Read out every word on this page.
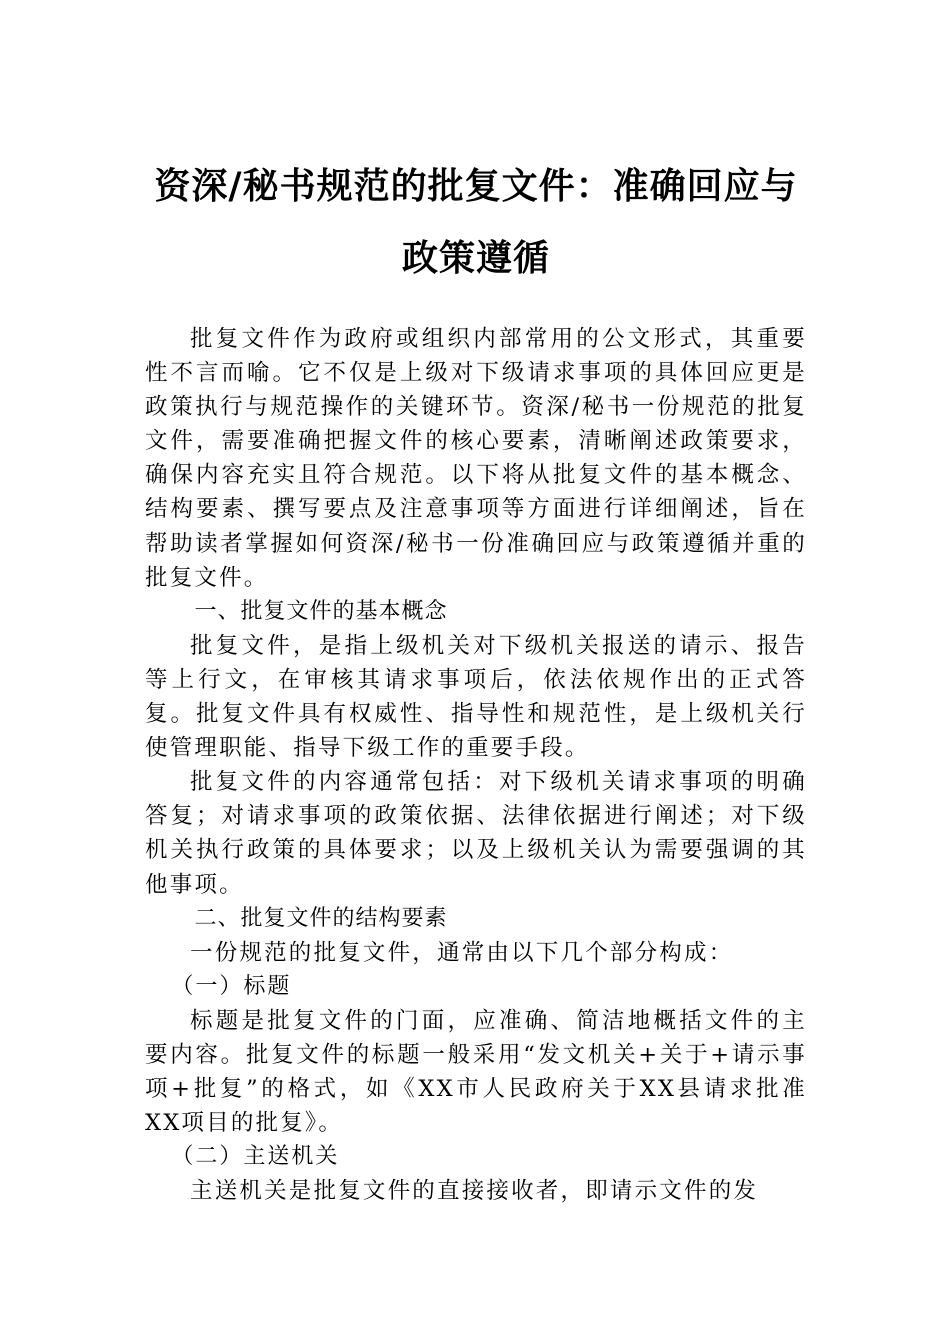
资深/秘书规范的批复文件：准确回应与政策遵循

批复文件作为政府或组织内部常用的公文形式，其重要性不言而喻。它不仅是上级对下级请求事项的具体回应更是政策执行与规范操作的关键环节。资深/秘书一份规范的批复文件，需要准确把握文件的核心要素，清晰阐述政策要求，确保内容充实且符合规范。以下将从批复文件的基本概念、结构要素、撰写要点及注意事项等方面进行详细阐述，旨在帮助读者掌握如何资深/秘书一份准确回应与政策遵循并重的批复文件。

一、批复文件的基本概念

批复文件，是指上级机关对下级机关报送的请示、报告等上行文，在审核其请求事项后，依法依规作出的正式答复。批复文件具有权威性、指导性和规范性，是上级机关行使管理职能、指导下级工作的重要手段。

批复文件的内容通常包括：对下级机关请求事项的明确答复；对请求事项的政策依据、法律依据进行阐述；对下级机关执行政策的具体要求；以及上级机关认为需要强调的其他事项。

二、批复文件的结构要素

一份规范的批复文件，通常由以下几个部分构成：

（一）标题

标题是批复文件的门面，应准确、简洁地概括文件的主要内容。批复文件的标题一般采用“发文机关+关于+请示事项+批复”的格式，如《XX市人民政府关于XX县请求批准XX项目的批复》。

（二）主送机关

主送机关是批复文件的直接接收者，即请示文件的发
